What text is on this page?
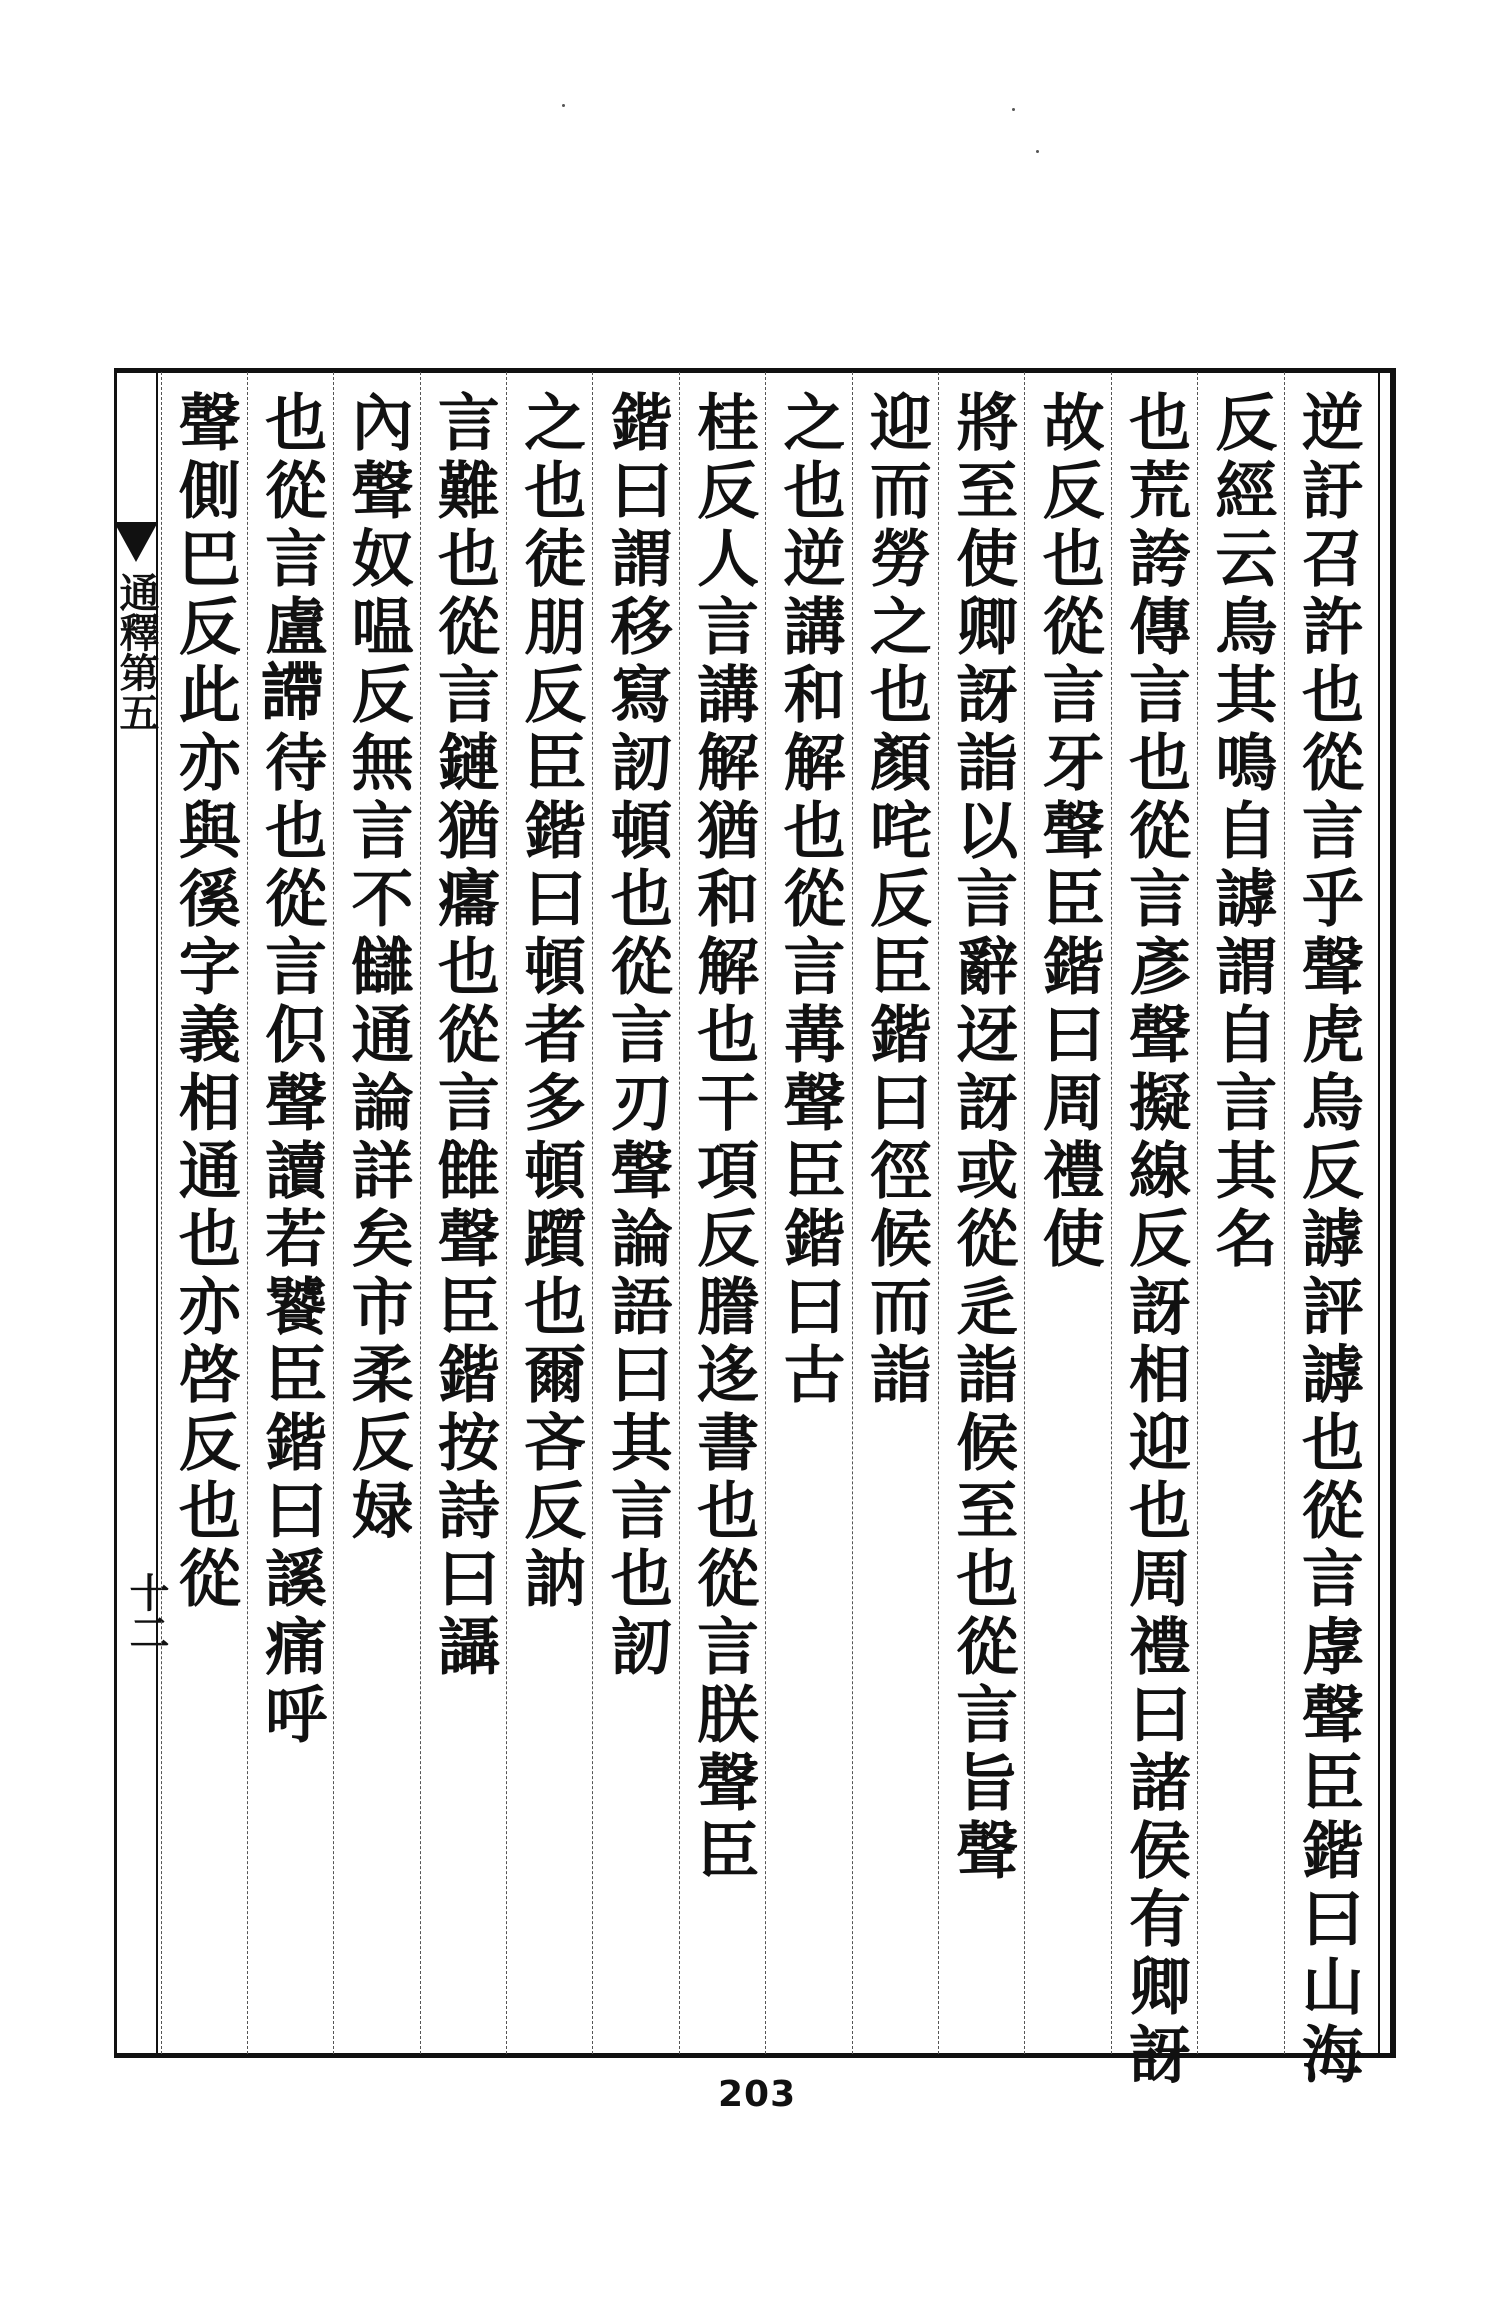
通釋第五
十二	逆訏召許也從言乎聲虎烏反謼評謼也從言虖聲臣鍇曰山海
反經云鳥其鳴自謼謂自言其名
也荒誇傳言也從言彥聲擬線反訝相迎也周禮曰諸侯有卿訝
故反也從言牙聲臣鍇曰周禮使
將至使卿訝詣以言辭迓訝或從辵詣候至也從言旨聲
迎而勞之也顏咤反臣鍇曰徑候而詣
之也逆講和解也從言冓聲臣鍇曰古
桂反人言講解猶和解也干項反謄迻書也從言朕聲臣
鍇曰謂移寫訒頓也從言刃聲論語曰其言也訒
之也徒朋反臣鍇曰頓者多頓躓也爾吝反訥
言難也從言鏈猶癟也從言雔聲臣鍇按詩曰讘
內聲奴嗢反無言不讎通論詳矣市柔反娽
也從言盧𧫚待也從言伿聲讀若饕臣鍇曰謑痛呼
聲側巴反此亦與徯字義相通也亦啓反也從
203
